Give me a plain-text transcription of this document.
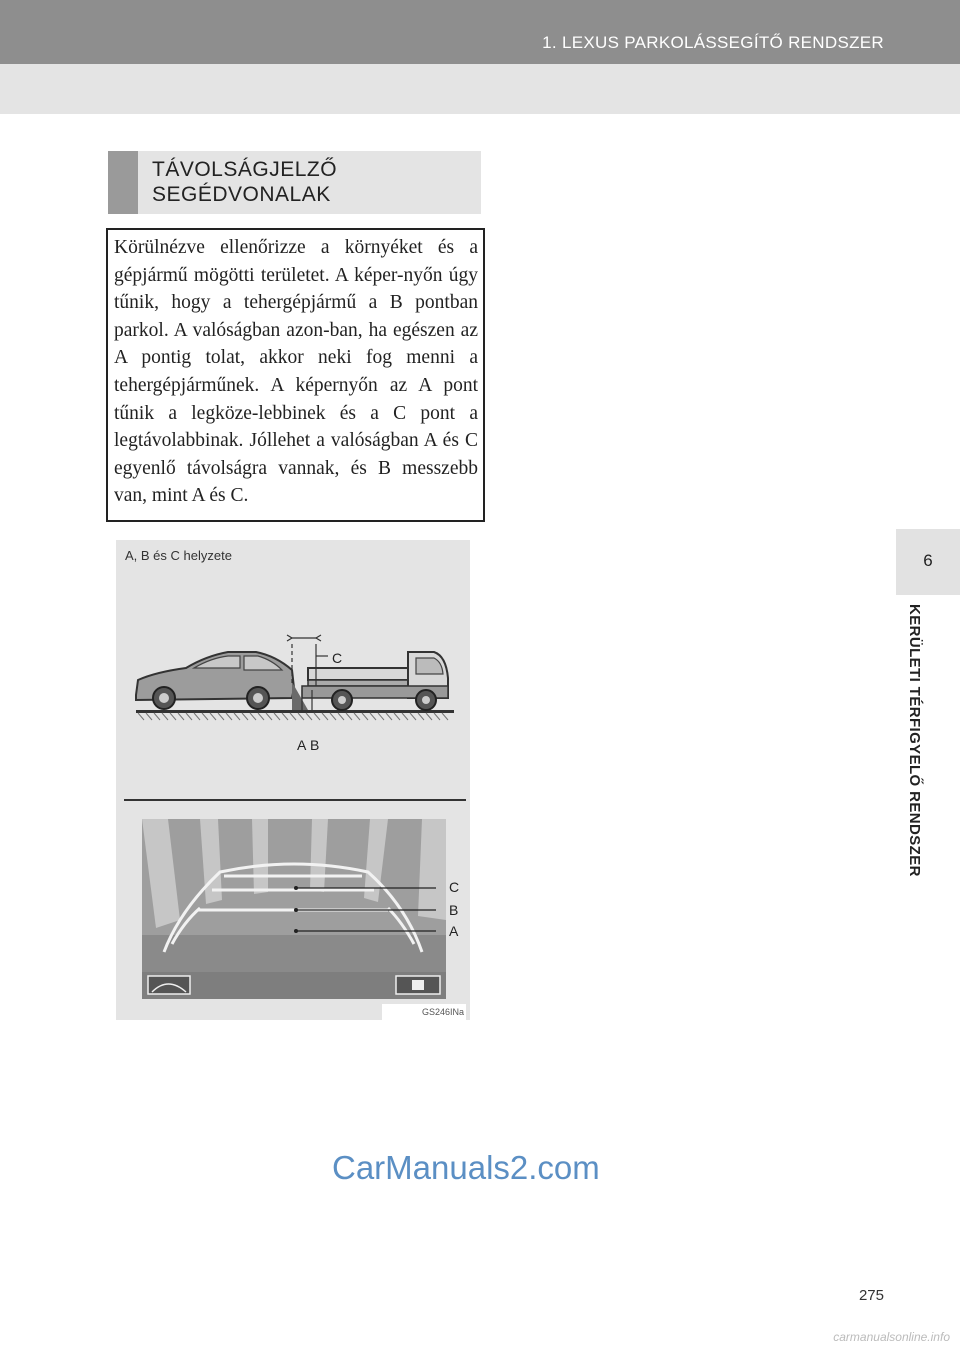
1. LEXUS PARKOLÁSSEGÍTŐ RENDSZER
6
KERÜLETI TÉRFIGYELŐ RENDSZER
TÁVOLSÁGJELZŐ
SEGÉDVONALAK
Körülnézve ellenőrizze a környéket és a gépjármű mögötti területet. A képer-nyőn úgy tűnik, hogy a tehergépjármű a B pontban parkol. A valóságban azon-ban, ha egészen az A pontig tolat, akkor neki fog menni a tehergépjárműnek. A képernyőn az A pont tűnik a legköze-lebbinek és a C pont a legtávolabbinak. Jóllehet a valóságban A és C egyenlő távolságra vannak, és B messzebb van, mint A és C.
A, B és C helyzete
C
A B
C
B
A
GS246INa
CarManuals2.com
275
carmanualsonline.info
